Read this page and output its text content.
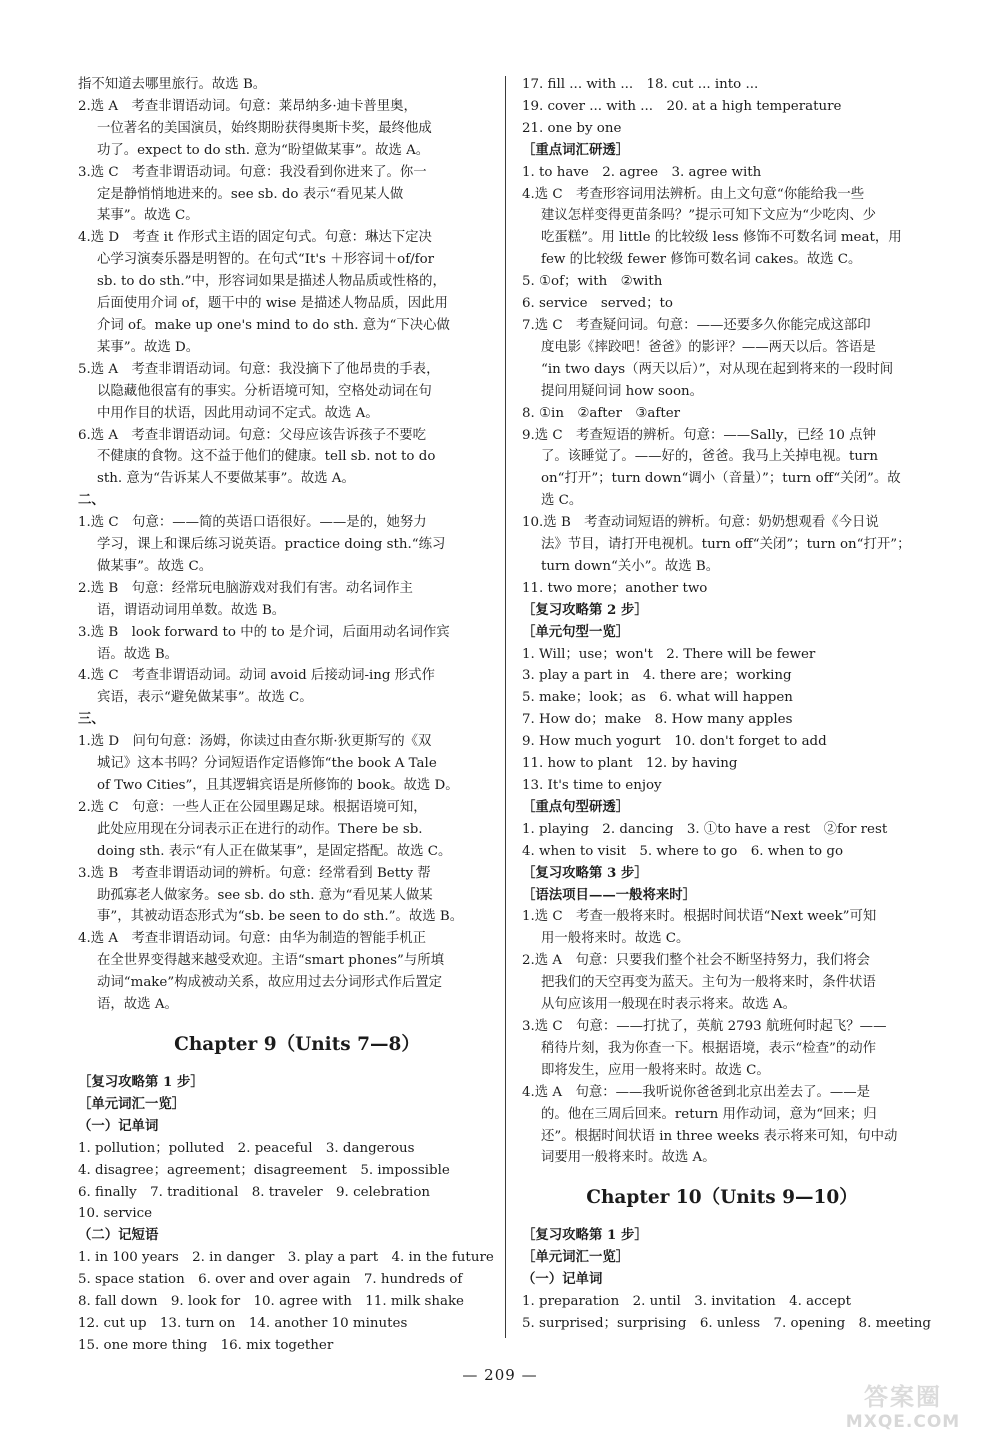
指不知道去哪里旅行。故选 B。
2.选 A　考查非谓语动词。句意：莱昂纳多·迪卡普里奥，
一位著名的美国演员，始终期盼获得奥斯卡奖，最终他成
功了。expect to do sth. 意为“盼望做某事”。故选 A。
3.选 C　考查非谓语动词。句意：我没看到你进来了。你一
定是静悄悄地进来的。see sb. do 表示“看见某人做
某事”。故选 C。
4.选 D　考查 it 作形式主语的固定句式。句意：琳达下定决
心学习演奏乐器是明智的。在句式“It's ＋形容词＋of/for
sb. to do sth.”中，形容词如果是描述人物品质或性格的，
后面使用介词 of，题干中的 wise 是描述人物品质，因此用
介词 of。make up one's mind to do sth. 意为“下决心做
某事”。故选 D。
5.选 A　考查非谓语动词。句意：我没摘下了他昂贵的手表，
以隐藏他很富有的事实。分析语境可知，空格处动词在句
中用作目的状语，因此用动词不定式。故选 A。
6.选 A　考查非谓语动词。句意：父母应该告诉孩子不要吃
不健康的食物。这不益于他们的健康。tell sb. not to do
sth. 意为“告诉某人不要做某事”。故选 A。
二、
1.选 C　句意：——简的英语口语很好。——是的，她努力
学习，课上和课后练习说英语。practice doing sth.“练习
做某事”。故选 C。
2.选 B　句意：经常玩电脑游戏对我们有害。动名词作主
语，谓语动词用单数。故选 B。
3.选 B　look forward to 中的 to 是介词，后面用动名词作宾
语。故选 B。
4.选 C　考查非谓语动词。动词 avoid 后接动词-ing 形式作
宾语，表示“避免做某事”。故选 C。
三、
1.选 D　问句句意：汤姆，你读过由查尔斯·狄更斯写的《双
城记》这本书吗？分词短语作定语修饰“the book A Tale
of Two Cities”，且其逻辑宾语是所修饰的 book。故选 D。
2.选 C　句意：一些人正在公园里踢足球。根据语境可知，
此处应用现在分词表示正在进行的动作。There be sb.
doing sth. 表示“有人正在做某事”，是固定搭配。故选 C。
3.选 B　考查非谓语动词的辨析。句意：经常看到 Betty 帮
助孤寡老人做家务。see sb. do sth. 意为“看见某人做某
事”，其被动语态形式为“sb. be seen to do sth.”。故选 B。
4.选 A　考查非谓语动词。句意：由华为制造的智能手机正
在全世界变得越来越受欢迎。主语“smart phones”与所填
动词“make”构成被动关系，故应用过去分词形式作后置定
语，故选 A。
Chapter 9（Units 7—8）
［复习攻略第 1 步］
［单元词汇一览］
（一）记单词
1. pollution；polluted　2. peaceful　3. dangerous
4. disagree；agreement；disagreement　5. impossible
6. finally　7. traditional　8. traveler　9. celebration
10. service
（二）记短语
1. in 100 years　2. in danger　3. play a part　4. in the future
5. space station　6. over and over again　7. hundreds of
8. fall down　9. look for　10. agree with　11. milk shake
12. cut up　13. turn on　14. another 10 minutes
15. one more thing　16. mix together
17. fill ... with ...　18. cut ... into ...
19. cover ... with ...　20. at a high temperature
21. one by one
［重点词汇研透］
1. to have　2. agree　3. agree with
4.选 C　考查形容词用法辨析。由上文句意“你能给我一些
建议怎样变得更苗条吗？”提示可知下文应为“少吃肉、少
吃蛋糕”。用 little 的比较级 less 修饰不可数名词 meat，用
few 的比较级 fewer 修饰可数名词 cakes。故选 C。
5. ①of；with　②with
6. service　served；to
7.选 C　考查疑问词。句意：——还要多久你能完成这部印
度电影《摔跤吧！爸爸》的影评？——两天以后。答语是
“in two days（两天以后）”，对从现在起到将来的一段时间
提问用疑问词 how soon。
8. ①in　②after　③after
9.选 C　考查短语的辨析。句意：——Sally，已经 10 点钟
了。该睡觉了。——好的，爸爸。我马上关掉电视。turn
on“打开”；turn down“调小（音量）”；turn off“关闭”。故
选 C。
10.选 B　考查动词短语的辨析。句意：奶奶想观看《今日说
法》节目，请打开电视机。turn off“关闭”；turn on“打开”；
turn down“关小”。故选 B。
11. two more；another two
［复习攻略第 2 步］
［单元句型一览］
1. Will；use；won't　2. There will be fewer
3. play a part in　4. there are；working
5. make；look；as　6. what will happen
7. How do；make　8. How many apples
9. How much yogurt　10. don't forget to add
11. how to plant　12. by having
13. It's time to enjoy
［重点句型研透］
1. playing　2. dancing　3. ①to have a rest　②for rest
4. when to visit　5. where to go　6. when to go
［复习攻略第 3 步］
［语法项目——一般将来时］
1.选 C　考查一般将来时。根据时间状语“Next week”可知
用一般将来时。故选 C。
2.选 A　句意：只要我们整个社会不断坚持努力，我们将会
把我们的天空再变为蓝天。主句为一般将来时，条件状语
从句应该用一般现在时表示将来。故选 A。
3.选 C　句意：——打扰了，英航 2793 航班何时起飞？——
稍待片刻，我为你查一下。根据语境，表示“检查”的动作
即将发生，应用一般将来时。故选 C。
4.选 A　句意：——我听说你爸爸到北京出差去了。——是
的。他在三周后回来。return 用作动词，意为“回来；归
还”。根据时间状语 in three weeks 表示将来可知，句中动
词要用一般将来时。故选 A。
Chapter 10（Units 9—10）
［复习攻略第 1 步］
［单元词汇一览］
（一）记单词
1. preparation　2. until　3. invitation　4. accept
5. surprised；surprising　6. unless　7. opening　8. meeting
— 209 —
答案圈
MXQE.COM
